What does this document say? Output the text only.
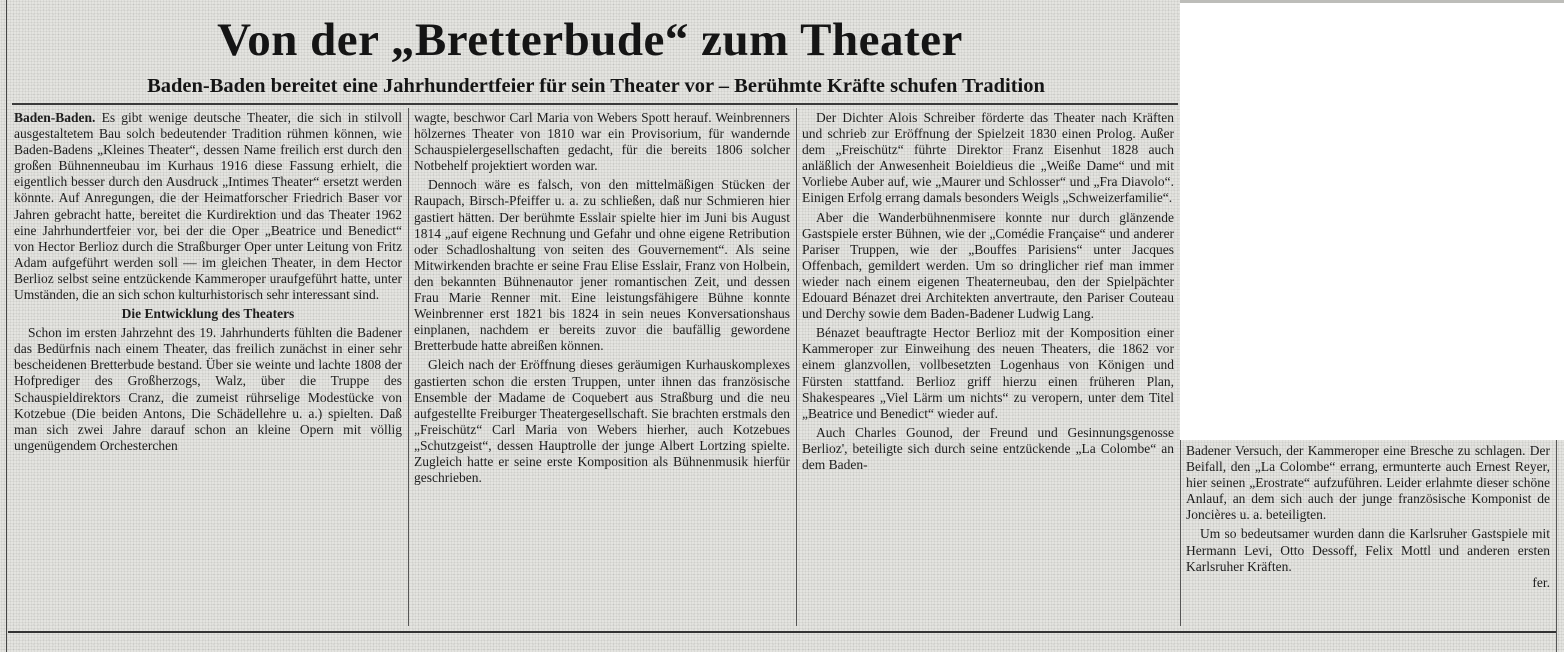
Von der „Bretterbude“ zum Theater
Baden-Baden bereitet eine Jahrhundertfeier für sein Theater vor – Berühmte Kräfte schufen Tradition

Baden-Baden. Es gibt wenige deutsche Theater, die sich in stilvoll ausgestaltetem Bau solch bedeutender Tradition rühmen können, wie Baden-Badens „Kleines Theater“, dessen Name freilich erst durch den großen Bühnenneubau im Kurhaus 1916 diese Fassung erhielt, die eigentlich besser durch den Ausdruck „Intimes Theater“ ersetzt werden könnte. Auf Anregungen, die der Heimatforscher Friedrich Baser vor Jahren gebracht hatte, bereitet die Kurdirektion und das Theater 1962 eine Jahrhundertfeier vor, bei der die Oper „Beatrice und Benedict“ von Hector Berlioz durch die Straßburger Oper unter Leitung von Fritz Adam aufgeführt werden soll — im gleichen Theater, in dem Hector Berlioz selbst seine entzückende Kammeroper uraufgeführt hatte, unter Umständen, die an sich schon kulturhistorisch sehr interessant sind.

Die Entwicklung des Theaters

Schon im ersten Jahrzehnt des 19. Jahrhunderts fühlten die Badener das Bedürfnis nach einem Theater, das freilich zunächst in einer sehr bescheidenen Bretterbude bestand. Über sie weinte und lachte 1808 der Hofprediger des Großherzogs, Walz, über die Truppe des Schauspieldirektors Cranz, die zumeist rührselige Modestücke von Kotzebue (Die beiden Antons, Die Schädellehre u. a.) spielten. Daß man sich zwei Jahre darauf schon an kleine Opern mit völlig ungenügendem Orchesterchen

wagte, beschwor Carl Maria von Webers Spott herauf. Weinbrenners hölzernes Theater von 1810 war ein Provisorium, für wandernde Schauspielergesellschaften gedacht, für die bereits 1806 solcher Notbehelf projektiert worden war.

Dennoch wäre es falsch, von den mittelmäßigen Stücken der Raupach, Birsch-Pfeiffer u. a. zu schließen, daß nur Schmieren hier gastiert hätten. Der berühmte Esslair spielte hier im Juni bis August 1814 „auf eigene Rechnung und Gefahr und ohne eigene Retribution oder Schadloshaltung von seiten des Gouvernement“. Als seine Mitwirkenden brachte er seine Frau Elise Esslair, Franz von Holbein, den bekannten Bühnenautor jener romantischen Zeit, und dessen Frau Marie Renner mit. Eine leistungsfähigere Bühne konnte Weinbrenner erst 1821 bis 1824 in sein neues Konversationshaus einplanen, nachdem er bereits zuvor die baufällig gewordene Bretterbude hatte abreißen können.

Gleich nach der Eröffnung dieses geräumigen Kurhauskomplexes gastierten schon die ersten Truppen, unter ihnen das französische Ensemble der Madame de Coquebert aus Straßburg und die neu aufgestellte Freiburger Theatergesellschaft. Sie brachten erstmals den „Freischütz“ Carl Maria von Webers hierher, auch Kotzebues „Schutzgeist“, dessen Hauptrolle der junge Albert Lortzing spielte. Zugleich hatte er seine erste Komposition als Bühnenmusik hierfür geschrieben.

Der Dichter Alois Schreiber förderte das Theater nach Kräften und schrieb zur Eröffnung der Spielzeit 1830 einen Prolog. Außer dem „Freischütz“ führte Direktor Franz Eisenhut 1828 auch anläßlich der Anwesenheit Boieldieus die „Weiße Dame“ und mit Vorliebe Auber auf, wie „Maurer und Schlosser“ und „Fra Diavolo“. Einigen Erfolg errang damals besonders Weigls „Schweizerfamilie“.

Aber die Wanderbühnenmisere konnte nur durch glänzende Gastspiele erster Bühnen, wie der „Comédie Française“ und anderer Pariser Truppen, wie der „Bouffes Parisiens“ unter Jacques Offenbach, gemildert werden. Um so dringlicher rief man immer wieder nach einem eigenen Theaterneubau, den der Spielpächter Edouard Bénazet drei Architekten anvertraute, den Pariser Couteau und Derchy sowie dem Baden-Badener Ludwig Lang.

Bénazet beauftragte Hector Berlioz mit der Komposition einer Kammeroper zur Einweihung des neuen Theaters, die 1862 vor einem glanzvollen, vollbesetzten Logenhaus von Königen und Fürsten stattfand. Berlioz griff hierzu einen früheren Plan, Shakespeares „Viel Lärm um nichts“ zu veropern, unter dem Titel „Beatrice und Benedict“ wieder auf.

Auch Charles Gounod, der Freund und Gesinnungsgenosse Berlioz', beteiligte sich durch seine entzückende „La Colombe“ an dem Baden-

Badener Versuch, der Kammeroper eine Bresche zu schlagen. Der Beifall, den „La Colombe“ errang, ermunterte auch Ernest Reyer, hier seinen „Erostrate“ aufzuführen. Leider erlahmte dieser schöne Anlauf, an dem sich auch der junge französische Komponist de Joncières u. a. beteiligten.

Um so bedeutsamer wurden dann die Karlsruher Gastspiele mit Hermann Levi, Otto Dessoff, Felix Mottl und anderen ersten Karlsruher Kräften.

fer.
